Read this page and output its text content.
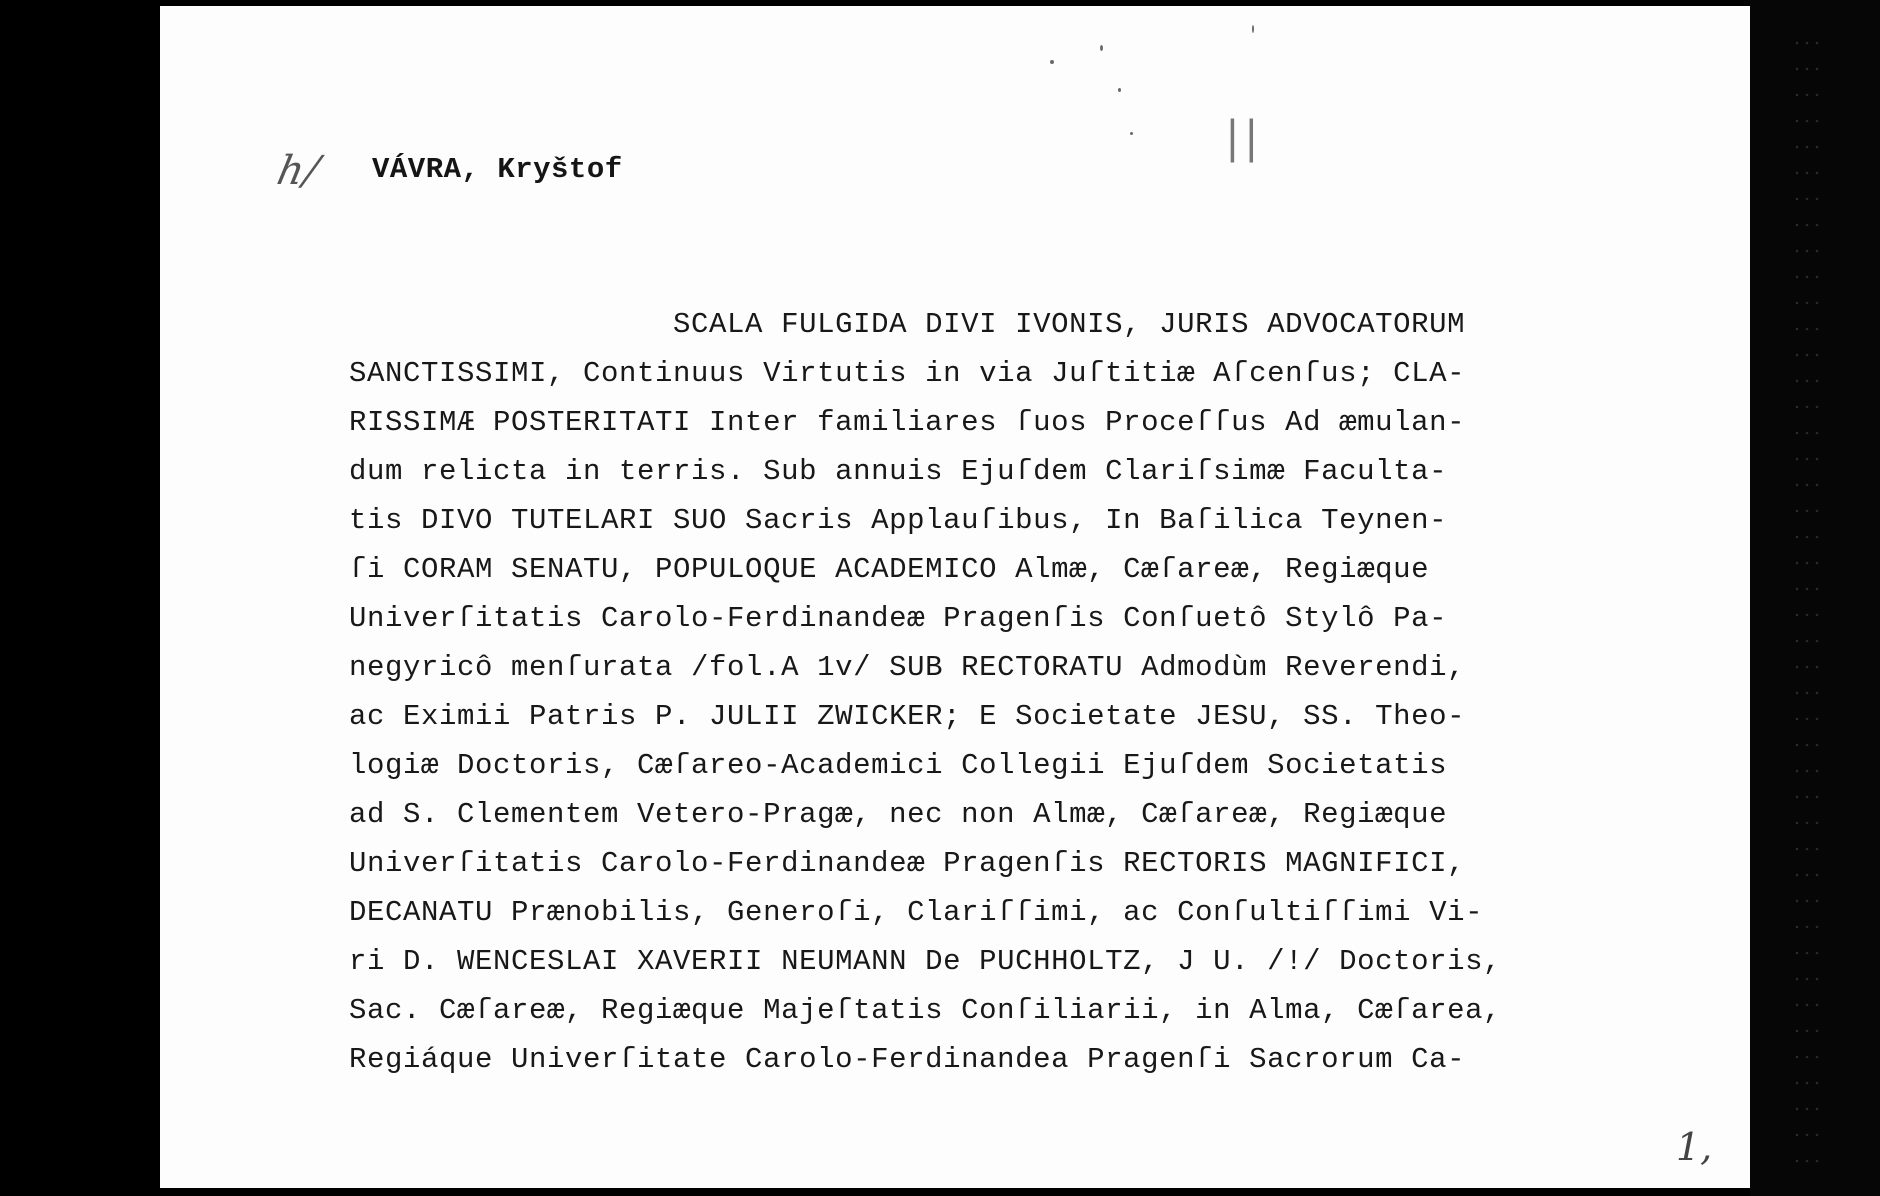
h/
||
VÁVRA, Kryštof
SCALA FULGIDA DIVI IVONIS, JURIS ADVOCATORUM
SANCTISSIMI, Continuus Virtutis in via Juſtitiæ Aſcenſus; CLA-
RISSIMÆ POSTERITATI Inter familiares ſuos Proceſſus Ad æmulan-
dum relicta in terris. Sub annuis Ejuſdem Clariſsimæ Faculta-
tis DIVO TUTELARI SUO Sacris Applauſibus, In Baſilica Teynen-
ſi CORAM SENATU, POPULOQUE ACADEMICO Almæ, Cæſareæ, Regiæque
Univerſitatis Carolo-Ferdinandeæ Pragenſis Conſuetô Stylô Pa-
negyricô menſurata /fol.A 1v/ SUB RECTORATU Admodùm Reverendi,
ac Eximii Patris P. JULII ZWICKER; E Societate JESU, SS. Theo-
logiæ Doctoris, Cæſareo-Academici Collegii Ejuſdem Societatis
ad S. Clementem Vetero-Pragæ, nec non Almæ, Cæſareæ, Regiæque
Univerſitatis Carolo-Ferdinandeæ Pragenſis RECTORIS MAGNIFICI,
DECANATU Prænobilis, Generoſi, Clariſſimi, ac Conſultiſſimi Vi-
ri D. WENCESLAI XAVERII NEUMANN De PUCHHOLTZ, J U. /!/ Doctoris,
Sac. Cæſareæ, Regiæque Majeſtatis Conſiliarii, in Alma, Cæſarea,
Regiáque Univerſitate Carolo-Ferdinandea Pragenſi Sacrorum Ca-
1,
